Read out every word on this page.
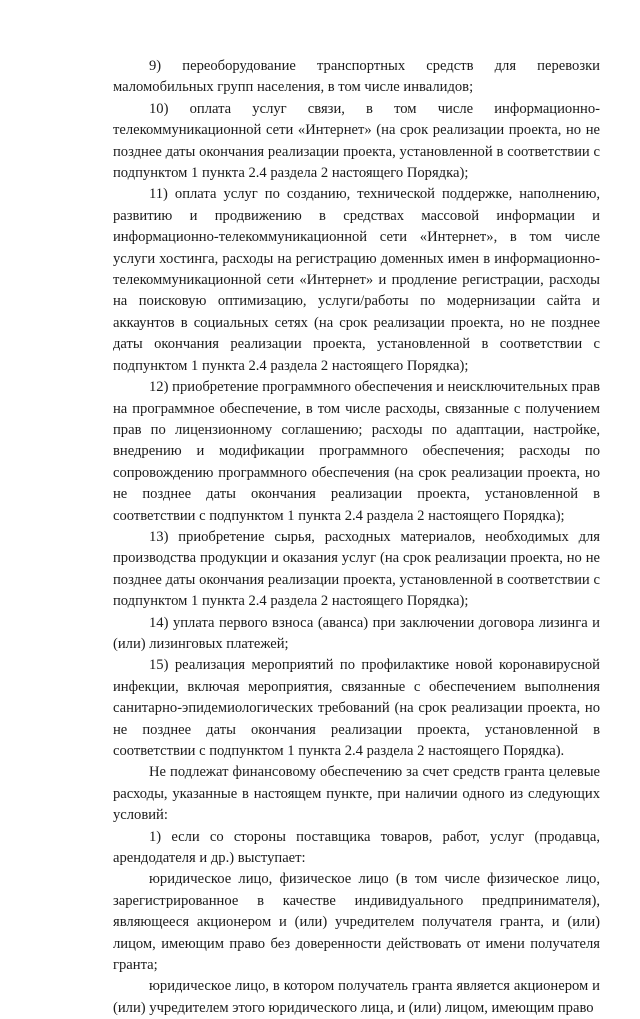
9) переоборудование транспортных средств для перевозки маломобильных групп населения, в том числе инвалидов;

10) оплата услуг связи, в том числе информационно-телекоммуникационной сети «Интернет» (на срок реализации проекта, но не позднее даты окончания реализации проекта, установленной в соответствии с подпунктом 1 пункта 2.4 раздела 2 настоящего Порядка);

11) оплата услуг по созданию, технической поддержке, наполнению, развитию и продвижению в средствах массовой информации и информационно-телекоммуникационной сети «Интернет», в том числе услуги хостинга, расходы на регистрацию доменных имен в информационно-телекоммуникационной сети «Интернет» и продление регистрации, расходы на поисковую оптимизацию, услуги/работы по модернизации сайта и аккаунтов в социальных сетях (на срок реализации проекта, но не позднее даты окончания реализации проекта, установленной в соответствии с подпунктом 1 пункта 2.4 раздела 2 настоящего Порядка);

12) приобретение программного обеспечения и неисключительных прав на программное обеспечение, в том числе расходы, связанные с получением прав по лицензионному соглашению; расходы по адаптации, настройке, внедрению и модификации программного обеспечения; расходы по сопровождению программного обеспечения (на срок реализации проекта, но не позднее даты окончания реализации проекта, установленной в соответствии с подпунктом 1 пункта 2.4 раздела 2 настоящего Порядка);

13) приобретение сырья, расходных материалов, необходимых для производства продукции и оказания услуг (на срок реализации проекта, но не позднее даты окончания реализации проекта, установленной в соответствии с подпунктом 1 пункта 2.4 раздела 2 настоящего Порядка);

14) уплата первого взноса (аванса) при заключении договора лизинга и (или) лизинговых платежей;

15) реализация мероприятий по профилактике новой коронавирусной инфекции, включая мероприятия, связанные с обеспечением выполнения санитарно-эпидемиологических требований (на срок реализации проекта, но не позднее даты окончания реализации проекта, установленной в соответствии с подпунктом 1 пункта 2.4 раздела 2 настоящего Порядка).

Не подлежат финансовому обеспечению за счет средств гранта целевые расходы, указанные в настоящем пункте, при наличии одного из следующих условий:

1) если со стороны поставщика товаров, работ, услуг (продавца, арендодателя и др.) выступает:

юридическое лицо, физическое лицо (в том числе физическое лицо, зарегистрированное в качестве индивидуального предпринимателя), являющееся акционером и (или) учредителем получателя гранта, и (или) лицом, имеющим право без доверенности действовать от имени получателя гранта;

юридическое лицо, в котором получатель гранта является акционером и (или) учредителем этого юридического лица, и (или) лицом, имеющим право
